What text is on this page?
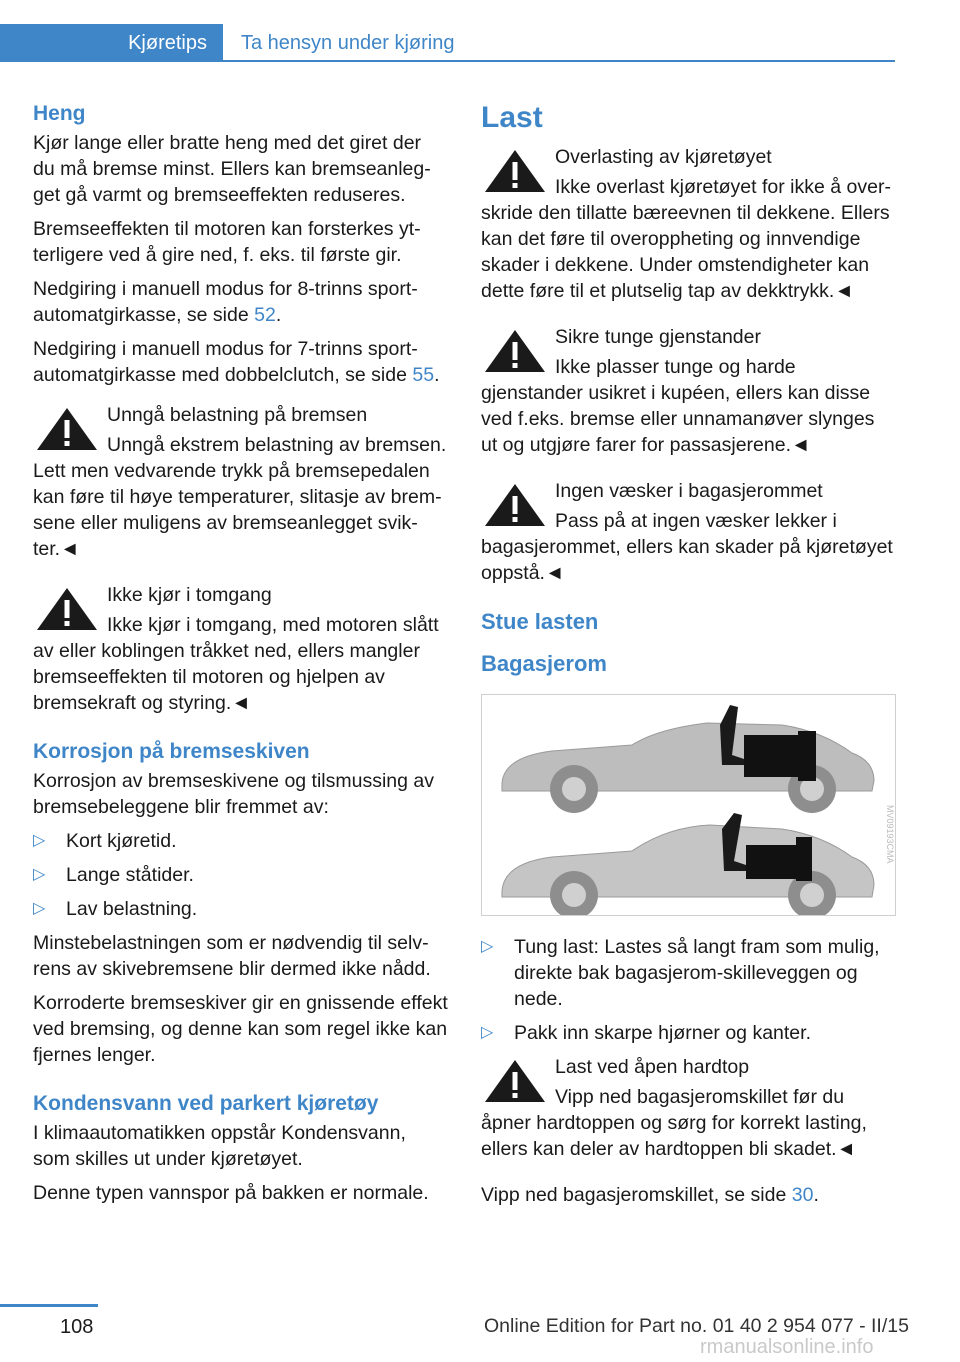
Kjøretips	Ta hensyn under kjøring
Heng

Kjør lange eller bratte heng med det giret der du må bremse minst. Ellers kan bremseanlegget gå varmt og bremseeffekten reduseres.

Bremseeffekten til motoren kan forsterkes ytterligere ved å gire ned, f. eks. til første gir.

Nedgiring i manuell modus for 8-trinns sportautomatgirkasse, se side 52.

Nedgiring i manuell modus for 7-trinns sportautomatgirkasse med dobbelclutch, se side 55.

Unngå belastning på bremsen

Unngå ekstrem belastning av bremsen. Lett men vedvarende trykk på bremsepedalen kan føre til høye temperaturer, slitasje av bremsene eller muligens av bremseanlegget svikter.◄

Ikke kjør i tomgang

Ikke kjør i tomgang, med motoren slått av eller koblingen tråkket ned, ellers mangler bremseeffekten til motoren og hjelpen av bremsekraft og styring.◄

Korrosjon på bremseskiven

Korrosjon av bremseskivene og tilsmussing av bremsebeleggene blir fremmet av:

▷ Kort kjøretid.
▷ Lange ståtider.
▷ Lav belastning.

Minstebelastningen som er nødvendig til selvrens av skivebremsene blir dermed ikke nådd.

Korroderte bremseskiver gir en gnissende effekt ved bremsing, og denne kan som regel ikke kan fjernes lenger.

Kondensvann ved parkert kjøretøy

I klimaautomatikken oppstår Kondensvann, som skilles ut under kjøretøyet.

Denne typen vannspor på bakken er normale.

Last

Overlasting av kjøretøyet

Ikke overlast kjøretøyet for ikke å overskride den tillatte bæreevnen til dekkene. Ellers kan det føre til overoppheting og innvendige skader i dekkene. Under omstendigheter kan dette føre til et plutselig tap av dekktrykk.◄

Sikre tunge gjenstander

Ikke plasser tunge og harde gjenstander usikret i kupéen, ellers kan disse ved f.eks. bremse eller unnamanøver slynges ut og utgjøre farer for passasjerene.◄

Ingen væsker i bagasjerommet

Pass på at ingen væsker lekker i bagasjerommet, ellers kan skader på kjøretøyet oppstå.◄

Stue lasten
Bagasjerom
MV09193CMA
▷ Tung last: Lastes så langt fram som mulig, direkte bak bagasjerom-skilleveggen og nede.
▷ Pakk inn skarpe hjørner og kanter.

Last ved åpen hardtop

Vipp ned bagasjeromskillet før du åpner hardtoppen og sørg for korrekt lasting, ellers kan deler av hardtoppen bli skadet.◄

Vipp ned bagasjeromskillet, se side 30.

108	Online Edition for Part no. 01 40 2 954 077 - II/15
rmanualsonline.info
